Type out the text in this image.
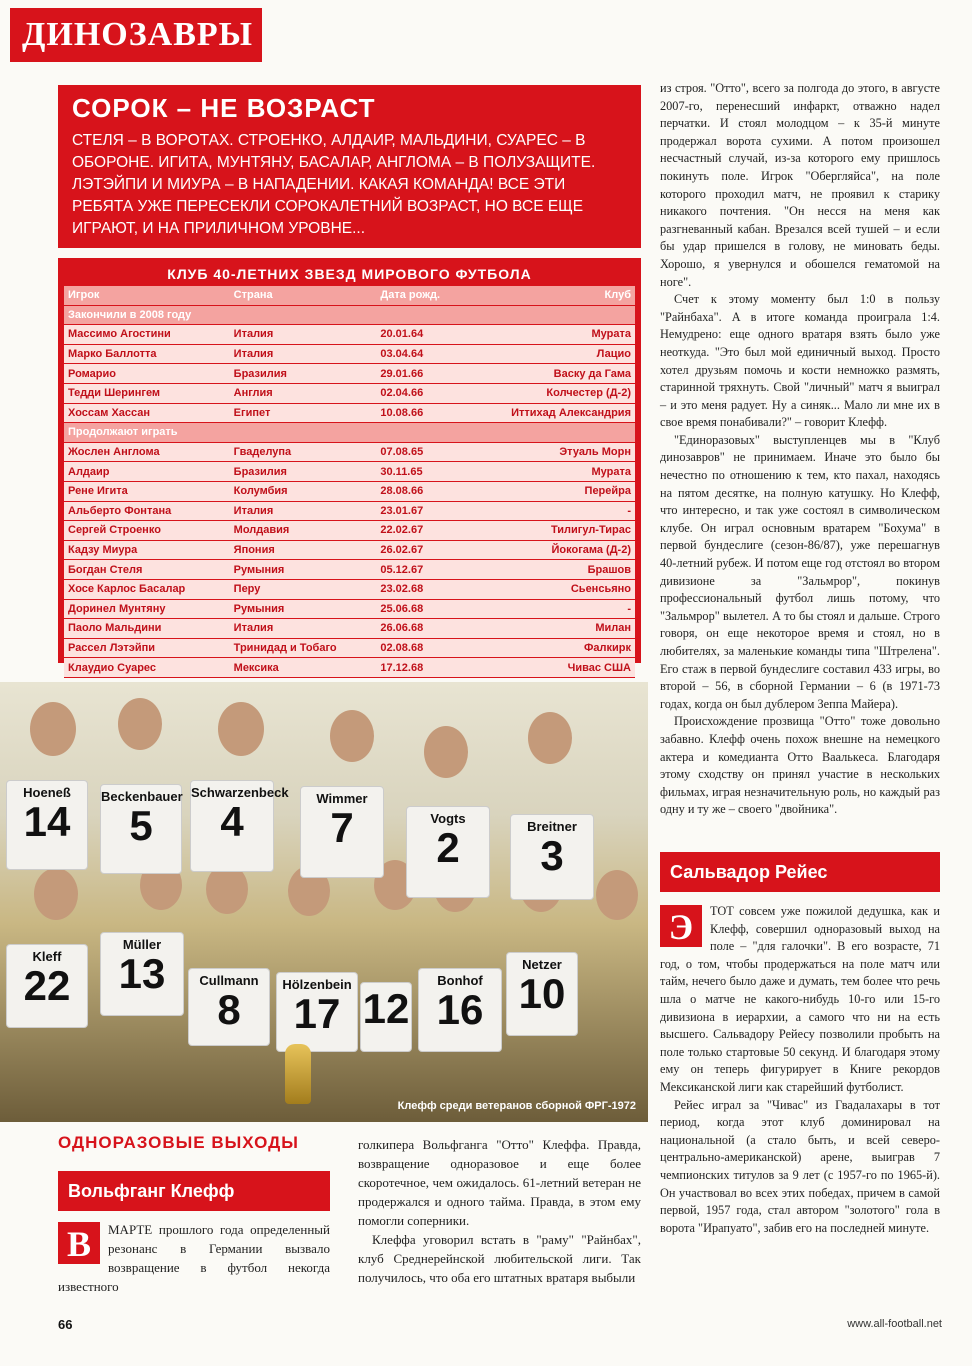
ДИНОЗАВРЫ
СОРОК – НЕ ВОЗРАСТ
СТЕЛЯ – В ВОРОТАХ. СТРОЕНКО, АЛДАИР, МАЛЬДИНИ, СУАРЕС – В ОБОРОНЕ. ИГИТА, МУНТЯНУ, БАСАЛАР, АНГЛОМА – В ПОЛУЗАЩИТЕ. ЛЭТЭЙПИ И МИУРА – В НАПАДЕНИИ. КАКАЯ КОМАНДА! ВСЕ ЭТИ РЕБЯТА УЖЕ ПЕРЕСЕКЛИ СОРОКАЛЕТНИЙ ВОЗРАСТ, НО ВСЕ ЕЩЕ ИГРАЮТ, И НА ПРИЛИЧНОМ УРОВНЕ...
КЛУБ 40-ЛЕТНИХ ЗВЕЗД МИРОВОГО ФУТБОЛА
Игрок	Страна	Дата рожд.	Клуб
Закончили в 2008 году			
Массимо Агостини	Италия	20.01.64	Мурата
Марко Баллотта	Италия	03.04.64	Лацио
Ромарио	Бразилия	29.01.66	Васку да Гама
Тедди Шерингем	Англия	02.04.66	Колчестер (Д-2)
Хоссам Хассан	Египет	10.08.66	Иттихад Александрия
Продолжают играть			
Жослен Англома	Гваделупа	07.08.65	Этуаль Морн
Алдаир	Бразилия	30.11.65	Мурата
Рене Игита	Колумбия	28.08.66	Перейра
Альберто Фонтана	Италия	23.01.67	-
Сергей Строенко	Молдавия	22.02.67	Тилигул-Тирас
Кадзу Миура	Япония	26.02.67	Йокогама (Д-2)
Богдан Стеля	Румыния	05.12.67	Брашов
Хосе Карлос Басалар	Перу	23.02.68	Сьенсьяно
Доринел Мунтяну	Румыния	25.06.68	-
Паоло Мальдини	Италия	26.06.68	Милан
Рассел Лэтэйпи	Тринидад и Тобаго	02.08.68	Фалкирк
Клаудио Суарес	Мексика	17.12.68	Чивас США
Hoeneß
14
Beckenbauer
5
Schwarzenbeck
4	Wimmer
7	Vogts
2	Breitner
3
Kleff
22
Müller
13	Cullmann
8
Hölzenbein
17 12
Bonhof
16
Netzer
10
Клефф среди ветеранов сборной ФРГ-1972
ОДНОРАЗОВЫЕ ВЫХОДЫ
Вольфганг Клефф
В	МАРТЕ прошлого года определенный резонанс в Германии вызвало возвращение в футбол некогда известного

голкипера Вольфганга "Отто" Клеффа. Правда, возвращение одноразовое и еще более скоротечное, чем ожидалось. 61-летний ветеран не продержался и одного тайма. Правда, в этом ему помогли соперники.

Клеффа уговорил встать в "раму" "Райнбах", клуб Среднерейнской любительской лиги. Так получилось, что оба его штатных вратаря выбыли

из строя. "Отто", всего за полгода до этого, в августе 2007-го, перенесший инфаркт, отважно надел перчатки. И стоял молодцом – к 35-й минуте продержал ворота сухими. А потом произошел несчастный случай, из-за которого ему пришлось покинуть поле. Игрок "Обергляйса", на поле которого проходил матч, не проявил к старику никакого почтения. "Он несся на меня как разгневанный кабан. Врезался всей тушей – и если бы удар пришелся в голову, не миновать беды. Хорошо, я увернулся и обошелся гематомой на ноге".

Счет к этому моменту был 1:0 в пользу "Райнбаха". А в итоге команда проиграла 1:4. Немудрено: еще одного вратаря взять было уже неоткуда. "Это был мой единичный выход. Просто хотел друзьям помочь и кости немножко размять, старинной тряхнуть. Свой "личный" матч я выиграл – и это меня радует. Ну а синяк... Мало ли мне их в свое время понабивали?" – говорит Клефф.

"Единоразовых" выступленцев мы в "Клуб динозавров" не принимаем. Иначе это было бы нечестно по отношению к тем, кто пахал, находясь на пятом десятке, на полную катушку. Но Клефф, что интересно, и так уже состоял в символическом клубе. Он играл основным вратарем "Бохума" в первой бундеслиге (сезон-86/87), уже перешагнув 40-летний рубеж. И потом еще год отстоял во втором дивизионе за "Зальмрор", покинув профессиональный футбол лишь потому, что "Зальмрор" вылетел. А то бы стоял и дальше. Строго говоря, он еще некоторое время и стоял, но в любителях, за маленькие команды типа "Штрелена". Его стаж в первой бундеслиге составил 433 игры, во второй – 56, в сборной Германии – 6 (в 1971-73 годах, когда он был дублером Зеппа Майера).

Происхождение прозвища "Отто" тоже довольно забавно. Клефф очень похож внешне на немецкого актера и комедианта Отто Ваалькеса. Благодаря этому сходству он принял участие в нескольких фильмах, играя незначительную роль, но каждый раз одну и ту же – своего "двойника".

Сальвадор Рейес
Э	ТОТ совсем уже пожилой дедушка, как и Клефф, совершил одноразовый выход на поле – "для галочки". В его возрасте, 71 год, о том, чтобы продержаться на поле матч или тайм, нечего было даже и думать, тем более что речь шла о матче не какого-нибудь 10-го или 15-го дивизиона в иерархии, а самого что ни на есть высшего. Сальвадору Рейесу позволили пробыть на поле только стартовые 50 секунд. И благодаря этому ему он теперь фигурирует в Книге рекордов Мексиканской лиги как старейший футболист.

Рейес играл за "Чивас" из Гвадалахары в тот период, когда этот клуб доминировал на национальной (а стало быть, и всей северо-центрально-американской) арене, выиграв 7 чемпионских титулов за 9 лет (с 1957-го по 1965-й). Он участвовал во всех этих победах, причем в самой первой, 1957 года, стал автором "золотого" гола в ворота "Ирапуато", забив его на последней минуте.

66	www.all-football.net
